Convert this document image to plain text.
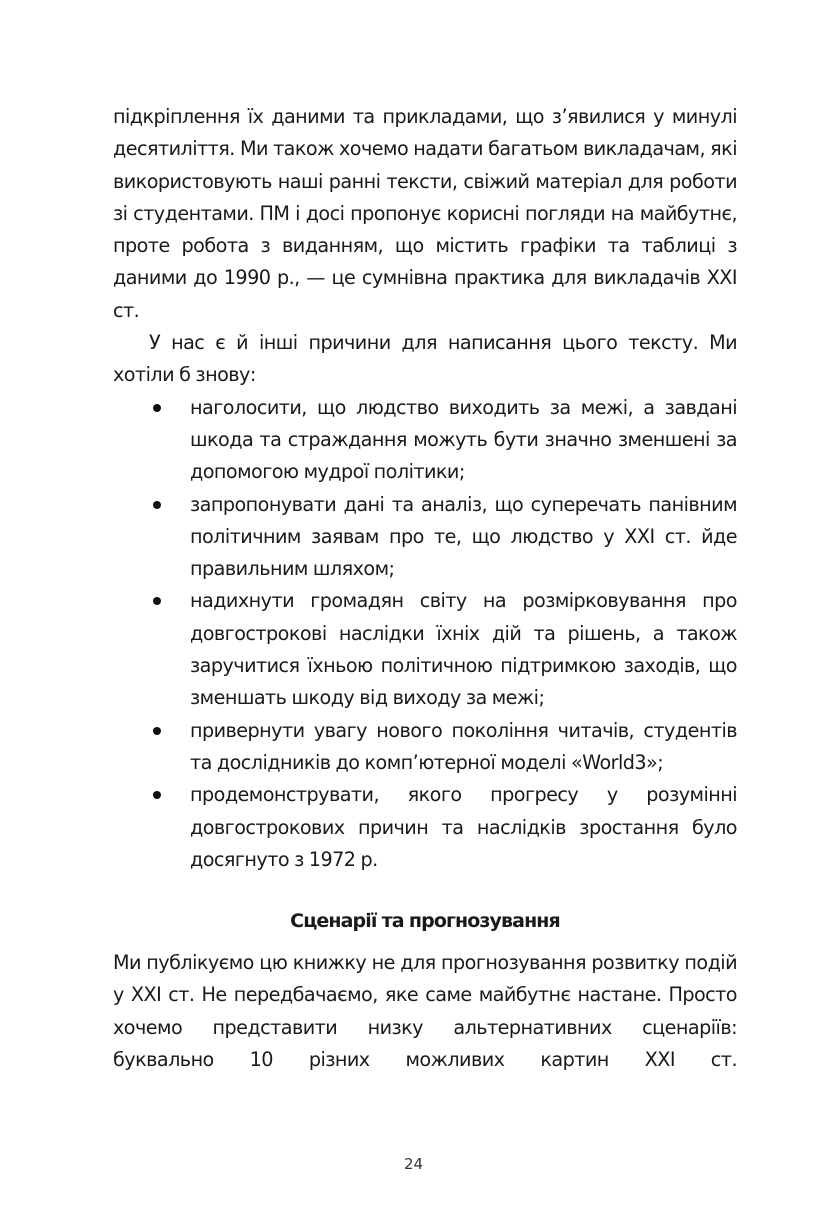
підкріплення їх даними та прикладами, що з’явилися у минулі десятиліття. Ми також хочемо надати багатьом викладачам, які використовують наші ранні тексти, свіжий матеріал для роботи зі студентами. ПМ і досі пропонує корисні погляди на майбутнє, проте робота з виданням, що містить графіки та таблиці з даними до 1990 р., — це сумнівна практика для викладачів XXI ст.

У нас є й інші причини для написання цього тексту. Ми хотіли б знову:

наголосити, що людство виходить за межі, а завдані шкода та страждання можуть бути значно зменшені за допомогою мудрої політики;
запропонувати дані та аналіз, що суперечать панівним політичним заявам про те, що людство у XXI ст. йде правильним шляхом;
надихнути громадян світу на розмірковування про довгострокові наслідки їхніх дій та рішень, а також заручитися їхньою політичною підтримкою заходів, що зменшать шкоду від виходу за межі;
привернути увагу нового покоління читачів, студентів та дослідників до комп’ютерної моделі «World3»;
продемонструвати, якого прогресу у розумінні довгострокових причин та наслідків зростання було досягнуто з 1972 р.
Сценарії та прогнозування

Ми публікуємо цю книжку не для прогнозування розвитку подій у XXI ст. Не передбачаємо, яке саме майбутнє настане. Просто хочемо представити низку альтернативних сценаріїв: буквально 10 різних можливих картин XXI ст.

24
